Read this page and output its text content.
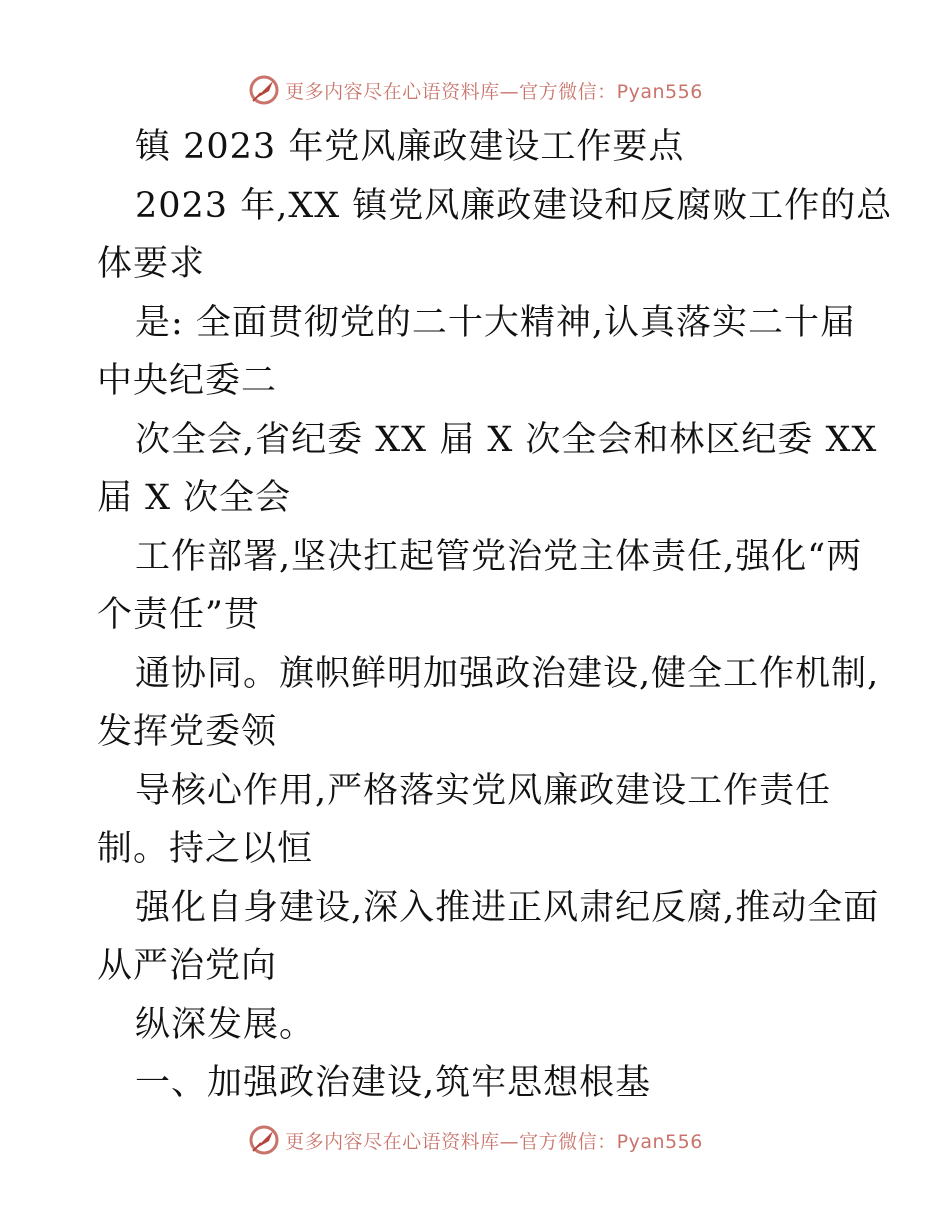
更多内容尽在心语资料库—官方微信：Pyan556
镇 2023 年党风廉政建设工作要点
2023 年,XX 镇党风廉政建设和反腐败工作的总
体要求
是: 全面贯彻党的二十大精神,认真落实二十届
中央纪委二
次全会,省纪委 XX 届 X 次全会和林区纪委 XX
届 X 次全会
工作部署,坚决扛起管党治党主体责任,强化“两
个责任”贯
通协同。旗帜鲜明加强政治建设,健全工作机制,
发挥党委领
导核心作用,严格落实党风廉政建设工作责任
制。持之以恒
强化自身建设,深入推进正风肃纪反腐,推动全面
从严治党向
纵深发展。
一、加强政治建设,筑牢思想根基
更多内容尽在心语资料库—官方微信：Pyan556
